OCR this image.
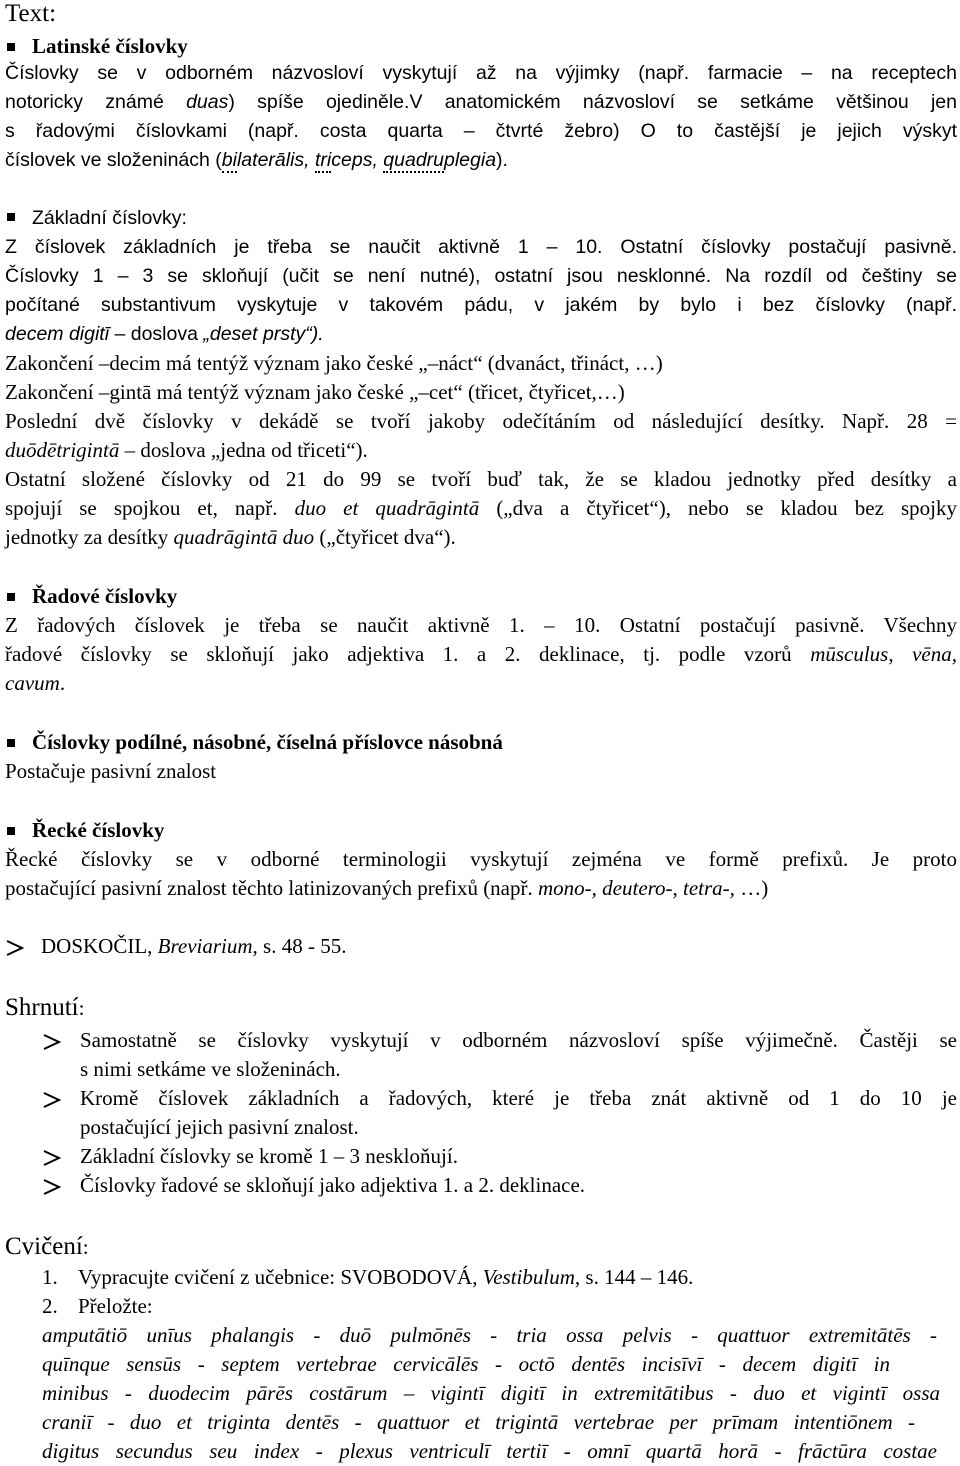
Text:
Latinské číslovky
Číslovky se v odborném názvosloví vyskytují až na výjimky (např. farmacie – na receptech
notoricky známé duas) spíše ojediněle.V anatomickém názvosloví se setkáme většinou jen
s řadovými číslovkami (např. costa quarta – čtvrté žebro) O to častější je jejich výskyt
číslovek ve složeninách (bilaterālis, triceps, quadruplegia).
Základní číslovky:
Z číslovek základních je třeba se naučit aktivně 1 – 10. Ostatní číslovky postačují pasivně.
Číslovky 1 – 3 se skloňují (učit se není nutné), ostatní jsou nesklonné. Na rozdíl od češtiny se
počítané substantivum vyskytuje v takovém pádu, v jakém by bylo i bez číslovky (např.
decem digitī – doslova „deset prsty“).
Zakončení –decim má tentýž význam jako české „–náct“ (dvanáct, třináct, …)
Zakončení –gintā má tentýž význam jako české „–cet“ (třicet, čtyřicet,…)
Poslední dvě číslovky v dekádě se tvoří jakoby odečítáním od následující desítky. Např. 28 =
duōdētrigintā – doslova „jedna od třiceti“).
Ostatní složené číslovky od 21 do 99 se tvoří buď tak, že se kladou jednotky před desítky a
spojují se spojkou et, např. duo et quadrāgintā („dva a čtyřicet“), nebo se kladou bez spojky
jednotky za desítky quadrāgintā duo („čtyřicet dva“).
Řadové číslovky
Z řadových číslovek je třeba se naučit aktivně 1. – 10. Ostatní postačují pasivně. Všechny
řadové číslovky se skloňují jako adjektiva 1. a 2. deklinace, tj. podle vzorů mūsculus, vēna,
cavum.
Číslovky podílné, násobné, číselná příslovce násobná
Postačuje pasivní znalost
Řecké číslovky
Řecké číslovky se v odborné terminologii vyskytují zejména ve formě prefixů. Je proto
postačující pasivní znalost těchto latinizovaných prefixů (např. mono-, deutero-, tetra-, …)
DOSKOČIL, Breviarium, s. 48 - 55.
Shrnutí:
Samostatně se číslovky vyskytují v odborném názvosloví spíše výjimečně. Častěji se
s nimi setkáme ve složeninách.
Kromě číslovek základních a řadových, které je třeba znát aktivně od 1 do 10 je
postačující jejich pasivní znalost.
Základní číslovky se kromě 1 – 3 neskloňují.
Číslovky řadové se skloňují jako adjektiva 1. a 2. deklinace.
Cvičení:
1. Vypracujte cvičení z učebnice: SVOBODOVÁ, Vestibulum, s. 144 – 146.
2. Přeložte:
amputātiō unīus phalangis - duō pulmōnēs - tria ossa pelvis - quattuor extremitātēs -
quīnque sensūs - septem vertebrae cervicālēs - octō dentēs incisīvī - decem digitī in
minibus - duodecim pārēs costārum – vigintī digitī in extremitātibus - duo et vigintī ossa
craniī - duo et triginta dentēs - quattuor et trigintā vertebrae per prīmam intentiōnem -
digitus secundus seu index - plexus ventriculī tertiī - omnī quartā horā - frāctūra costae
